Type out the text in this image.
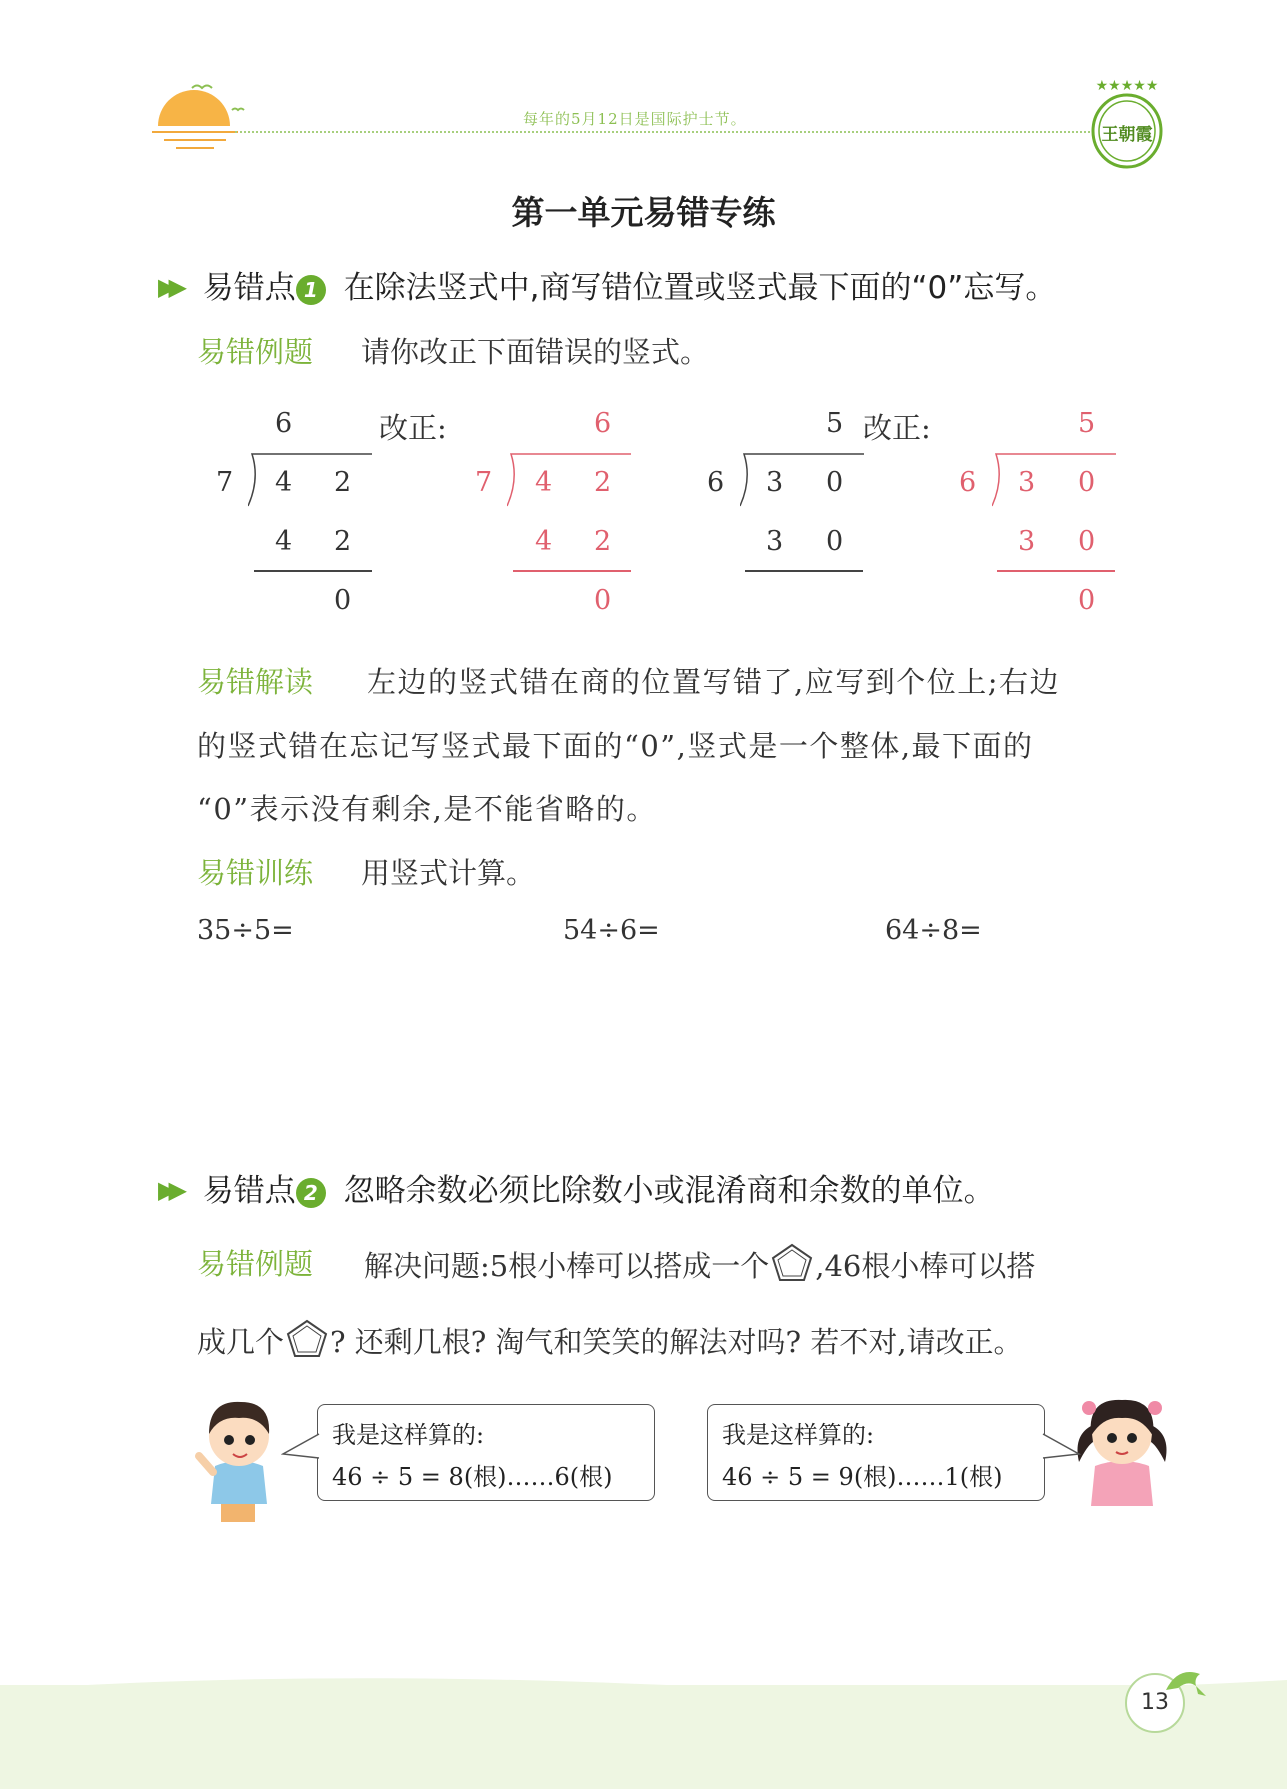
每年的5月12日是国际护士节。
★★★★★
王朝霞
第一单元易错专练
▶▶ 易错点 1 在除法竖式中,商写错位置或竖式最下面的“0”忘写。
易错例题 请你改正下面错误的竖式。
6
7 4 2
4 2
0
改正:	6
7 4 2
4 2
0
5
6 3 0
3 0
改正:	5
6 3 0
3 0
0
易错解读 左边的竖式错在商的位置写错了,应写到个位上;右边
的竖式错在忘记写竖式最下面的“0”,竖式是一个整体,最下面的
“0”表示没有剩余,是不能省略的。
易错训练 用竖式计算。
35÷5=	54÷6=	64÷8=
▶▶ 易错点 2 忽略余数必须比除数小或混淆商和余数的单位。
易错例题 解决问题:5根小棒可以搭成一个 ,46根小棒可以搭
成几个 ? 还剩几根? 淘气和笑笑的解法对吗? 若不对,请改正。
我是这样算的:
46 ÷ 5 = 8(根)……6(根)
我是这样算的:
46 ÷ 5 = 9(根)……1(根)
13
